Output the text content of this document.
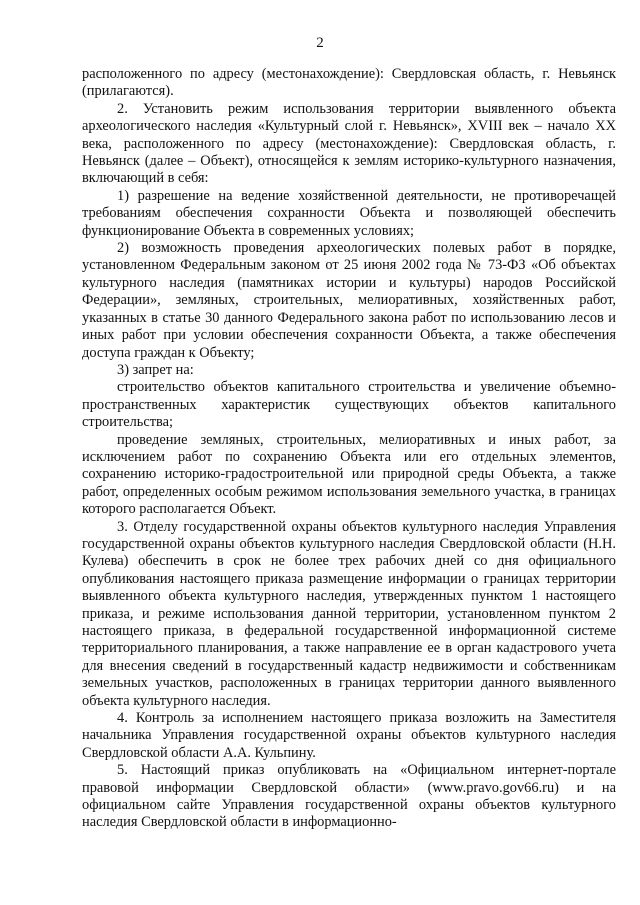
2

расположенного по адресу (местонахождение): Свердловская область, г. Невьянск (прилагаются).

2. Установить режим использования территории выявленного объекта археологического наследия «Культурный слой г. Невьянск», XVIII век – начало XX века, расположенного по адресу (местонахождение): Свердловская область, г. Невьянск (далее – Объект), относящейся к землям историко-культурного назначения, включающий в себя:

1) разрешение на ведение хозяйственной деятельности, не противоречащей требованиям обеспечения сохранности Объекта и позволяющей обеспечить функционирование Объекта в современных условиях;

2) возможность проведения археологических полевых работ в порядке, установленном Федеральным законом от 25 июня 2002 года № 73-ФЗ «Об объектах культурного наследия (памятниках истории и культуры) народов Российской Федерации», земляных, строительных, мелиоративных, хозяйственных работ, указанных в статье 30 данного Федерального закона работ по использованию лесов и иных работ при условии обеспечения сохранности Объекта, а также обеспечения доступа граждан к Объекту;

3) запрет на:

строительство объектов капитального строительства и увеличение объемно-пространственных характеристик существующих объектов капитального строительства;

проведение земляных, строительных, мелиоративных и иных работ, за исключением работ по сохранению Объекта или его отдельных элементов, сохранению историко-градостроительной или природной среды Объекта, а также работ, определенных особым режимом использования земельного участка, в границах которого располагается Объект.

3. Отделу государственной охраны объектов культурного наследия Управления государственной охраны объектов культурного наследия Свердловской области (Н.Н. Кулева) обеспечить в срок не более трех рабочих дней со дня официального опубликования настоящего приказа размещение информации о границах территории выявленного объекта культурного наследия, утвержденных пунктом 1 настоящего приказа, и режиме использования данной территории, установленном пунктом 2 настоящего приказа, в федеральной государственной информационной системе территориального планирования, а также направление ее в орган кадастрового учета для внесения сведений в государственный кадастр недвижимости и собственникам земельных участков, расположенных в границах территории данного выявленного объекта культурного наследия.

4. Контроль за исполнением настоящего приказа возложить на Заместителя начальника Управления государственной охраны объектов культурного наследия Свердловской области А.А. Кульпину.

5. Настоящий приказ опубликовать на «Официальном интернет-портале правовой информации Свердловской области» (www.pravo.gov66.ru) и на официальном сайте Управления государственной охраны объектов культурного наследия Свердловской области в информационно-
